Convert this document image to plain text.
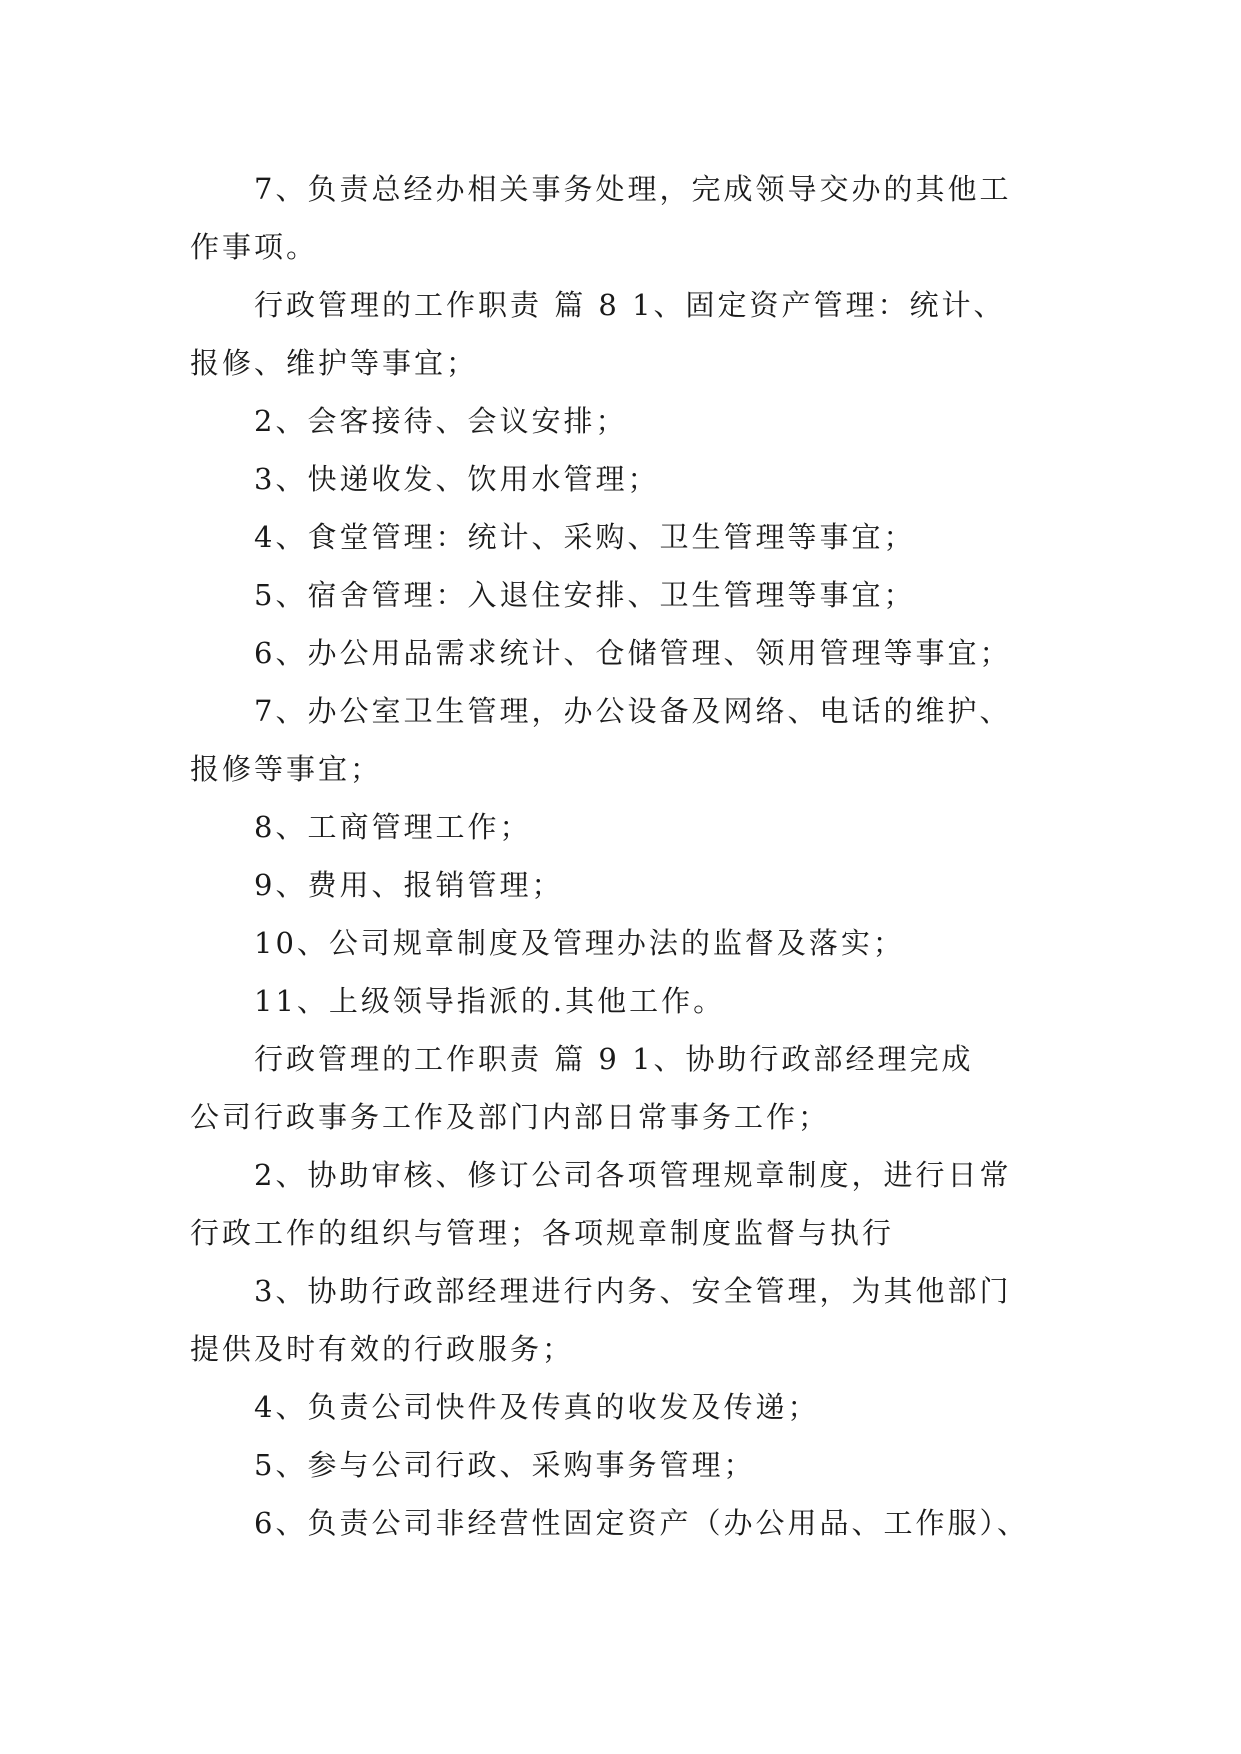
7、负责总经办相关事务处理，完成领导交办的其他工
作事项。
行政管理的工作职责 篇 8 1、固定资产管理：统计、
报修、维护等事宜；
2、会客接待、会议安排；
3、快递收发、饮用水管理；
4、食堂管理：统计、采购、卫生管理等事宜；
5、宿舍管理：入退住安排、卫生管理等事宜；
6、办公用品需求统计、仓储管理、领用管理等事宜；
7、办公室卫生管理，办公设备及网络、电话的维护、
报修等事宜；
8、工商管理工作；
9、费用、报销管理；
10、公司规章制度及管理办法的监督及落实；
11、上级领导指派的.其他工作。
行政管理的工作职责 篇 9 1、协助行政部经理完成
公司行政事务工作及部门内部日常事务工作；
2、协助审核、修订公司各项管理规章制度，进行日常
行政工作的组织与管理；各项规章制度监督与执行
3、协助行政部经理进行内务、安全管理，为其他部门
提供及时有效的行政服务；
4、负责公司快件及传真的收发及传递；
5、参与公司行政、采购事务管理；
6、负责公司非经营性固定资产（办公用品、工作服）、
